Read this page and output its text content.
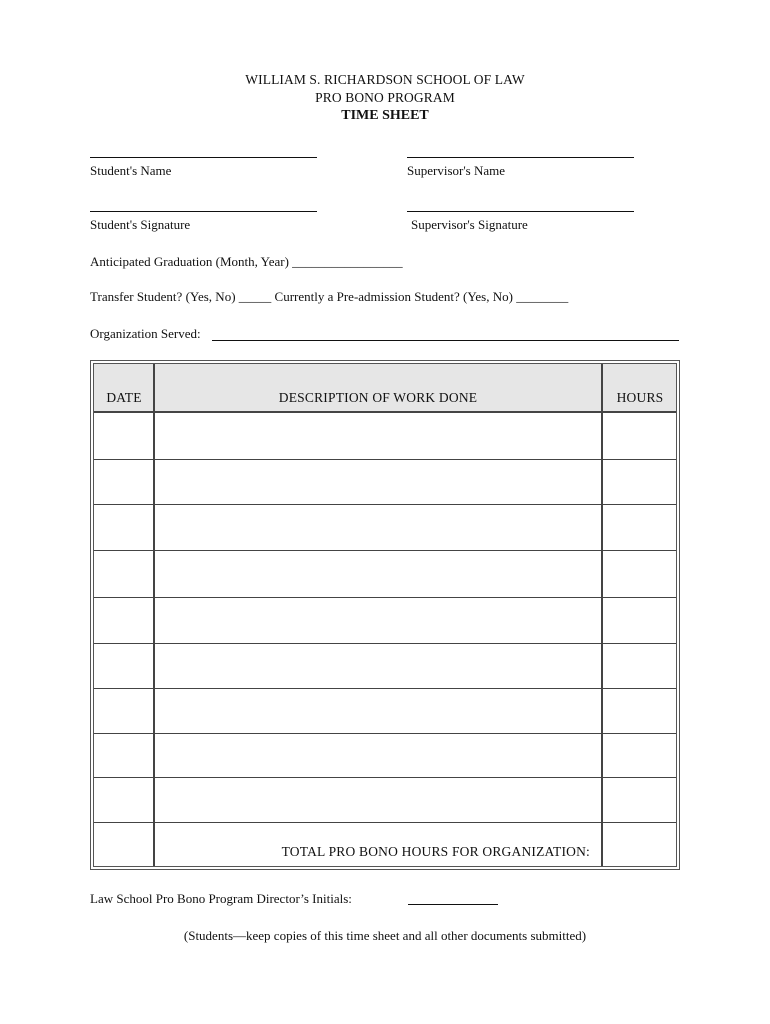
WILLIAM S. RICHARDSON SCHOOL OF LAW
PRO BONO PROGRAM
TIME SHEET
Student's Name	Supervisor's Name
Student's Signature	Supervisor's Signature
Anticipated Graduation (Month, Year) _________________
Transfer Student? (Yes, No) _____ Currently a Pre-admission Student? (Yes, No) ________
Organization Served:
DATE	DESCRIPTION OF WORK DONE	HOURS
TOTAL PRO BONO HOURS FOR ORGANIZATION:
Law School Pro Bono Program Director’s Initials:
(Students—keep copies of this time sheet and all other documents submitted)
